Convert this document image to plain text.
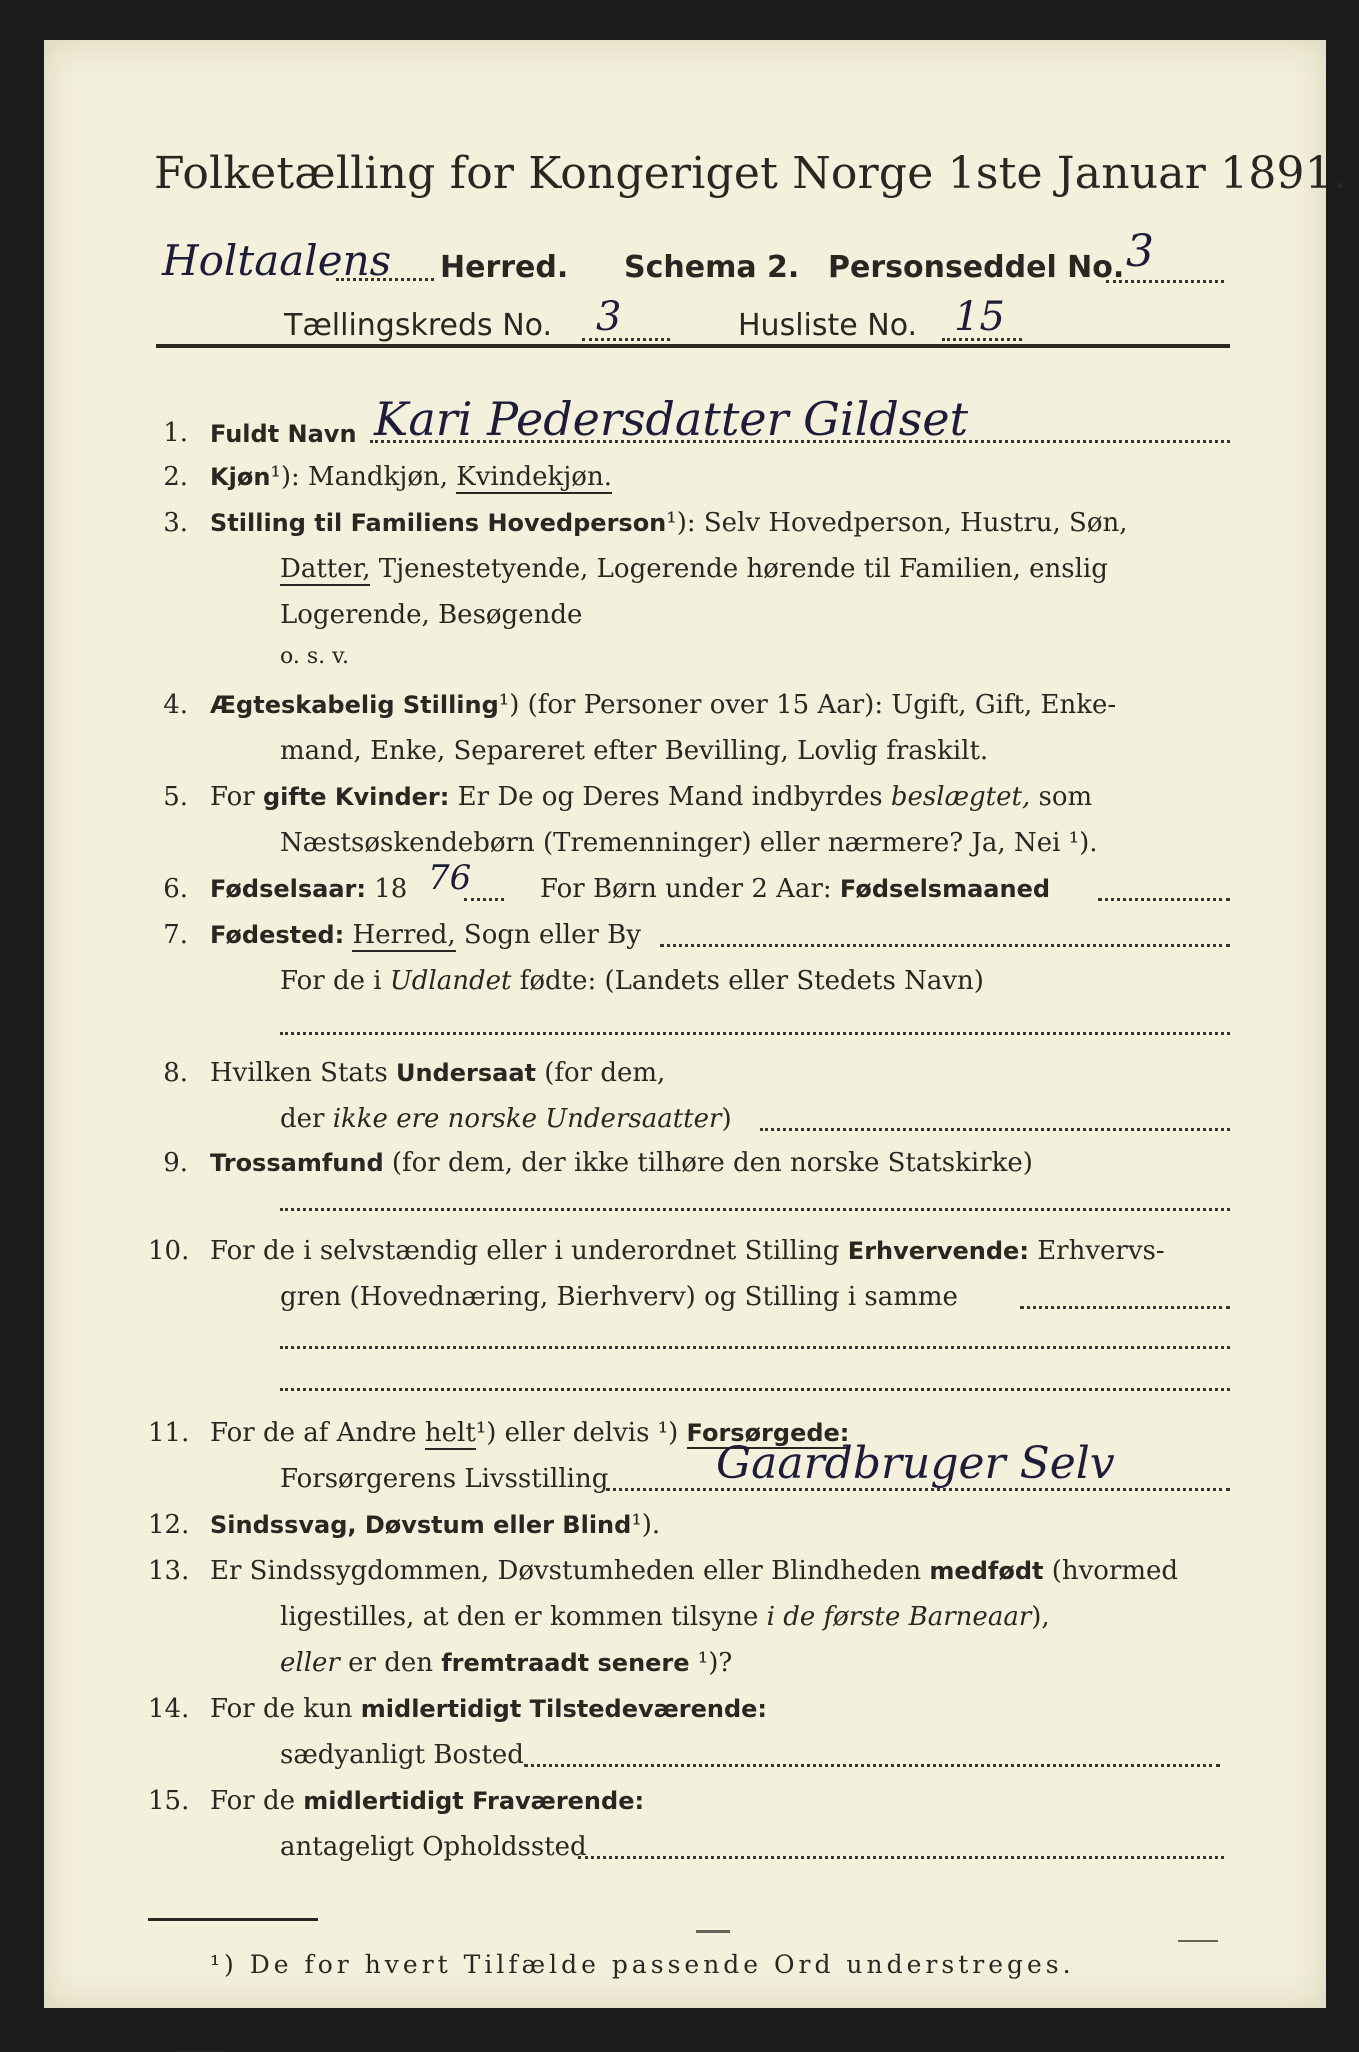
Folketælling for Kongeriget Norge 1ste Januar 1891.
Holtaalens Herred. Schema 2. Personseddel No. 3
Tællingskreds No. 3	Husliste No. 15
1. Fuldt Navn Kari Pedersdatter Gildset
2. Kjøn¹): Mandkjøn, Kvindekjøn.
3. Stilling til Familiens Hovedperson¹): Selv Hovedperson, Hustru, Søn,
Datter, Tjenestetyende, Logerende hørende til Familien, enslig
Logerende, Besøgende
o. s. v.
4. Ægteskabelig Stilling¹) (for Personer over 15 Aar): Ugift, Gift, Enke-
mand, Enke, Separeret efter Bevilling, Lovlig fraskilt.
5. For gifte Kvinder: Er De og Deres Mand indbyrdes beslægtet, som
Næstsøskendebørn (Tremenninger) eller nærmere? Ja, Nei ¹).
6. Fødselsaar: 18 76	For Børn under 2 Aar: Fødselsmaaned
7. Fødested: Herred, Sogn eller By
For de i Udlandet fødte: (Landets eller Stedets Navn)
8. Hvilken Stats Undersaat (for dem,
der ikke ere norske Undersaatter)
9. Trossamfund (for dem, der ikke tilhøre den norske Statskirke)
10. For de i selvstændig eller i underordnet Stilling Erhvervende: Erhvervs-
gren (Hovednæring, Bierhverv) og Stilling i samme
11. For de af Andre helt¹) eller delvis ¹) Forsørgede:
Forsørgerens Livsstilling Gaardbruger Selv
12. Sindssvag, Døvstum eller Blind¹).
13. Er Sindssygdommen, Døvstumheden eller Blindheden medfødt (hvormed
ligestilles, at den er kommen tilsyne i de første Barneaar),
eller er den fremtraadt senere ¹)?
14. For de kun midlertidigt Tilstedeværende:
sædyanligt Bosted
15. For de midlertidigt Fraværende:
antageligt Opholdssted
¹) De for hvert Tilfælde passende Ord understreges.
